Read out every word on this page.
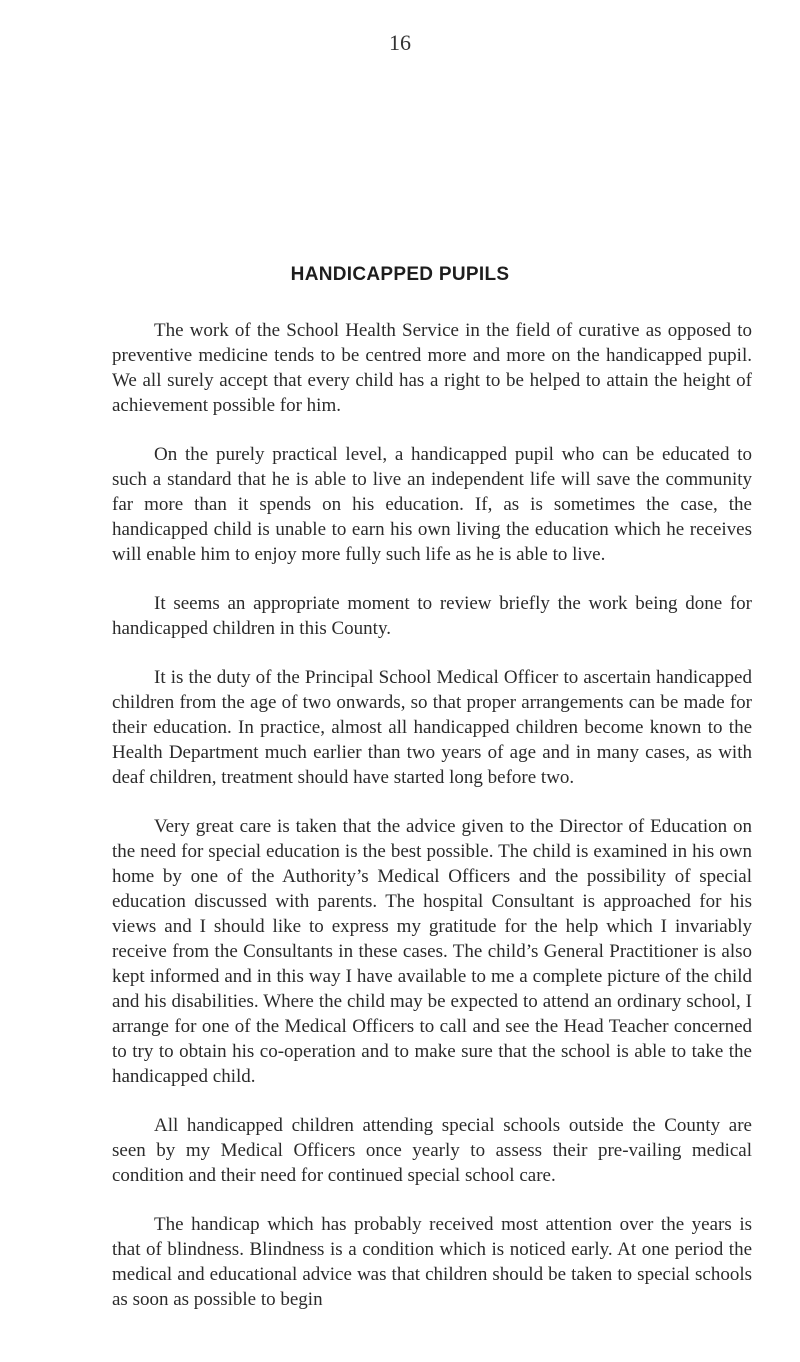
16
HANDICAPPED PUPILS

The work of the School Health Service in the field of curative as opposed to preventive medicine tends to be centred more and more on the handicapped pupil. We all surely accept that every child has a right to be helped to attain the height of achievement possible for him.

On the purely practical level, a handicapped pupil who can be educated to such a standard that he is able to live an independent life will save the community far more than it spends on his education. If, as is sometimes the case, the handicapped child is unable to earn his own living the education which he receives will enable him to enjoy more fully such life as he is able to live.

It seems an appropriate moment to review briefly the work being done for handicapped children in this County.

It is the duty of the Principal School Medical Officer to ascertain handicapped children from the age of two onwards, so that proper arrangements can be made for their education. In practice, almost all handicapped children become known to the Health Department much earlier than two years of age and in many cases, as with deaf children, treatment should have started long before two.

Very great care is taken that the advice given to the Director of Education on the need for special education is the best possible. The child is examined in his own home by one of the Authority’s Medical Officers and the possibility of special education discussed with parents. The hospital Consultant is approached for his views and I should like to express my gratitude for the help which I invariably receive from the Consultants in these cases. The child’s General Practitioner is also kept informed and in this way I have available to me a complete picture of the child and his disabilities. Where the child may be expected to attend an ordinary school, I arrange for one of the Medical Officers to call and see the Head Teacher concerned to try to obtain his co-operation and to make sure that the school is able to take the handicapped child.

All handicapped children attending special schools outside the County are seen by my Medical Officers once yearly to assess their pre-vailing medical condition and their need for continued special school care.

The handicap which has probably received most attention over the years is that of blindness. Blindness is a condition which is noticed early. At one period the medical and educational advice was that children should be taken to special schools as soon as possible to begin
